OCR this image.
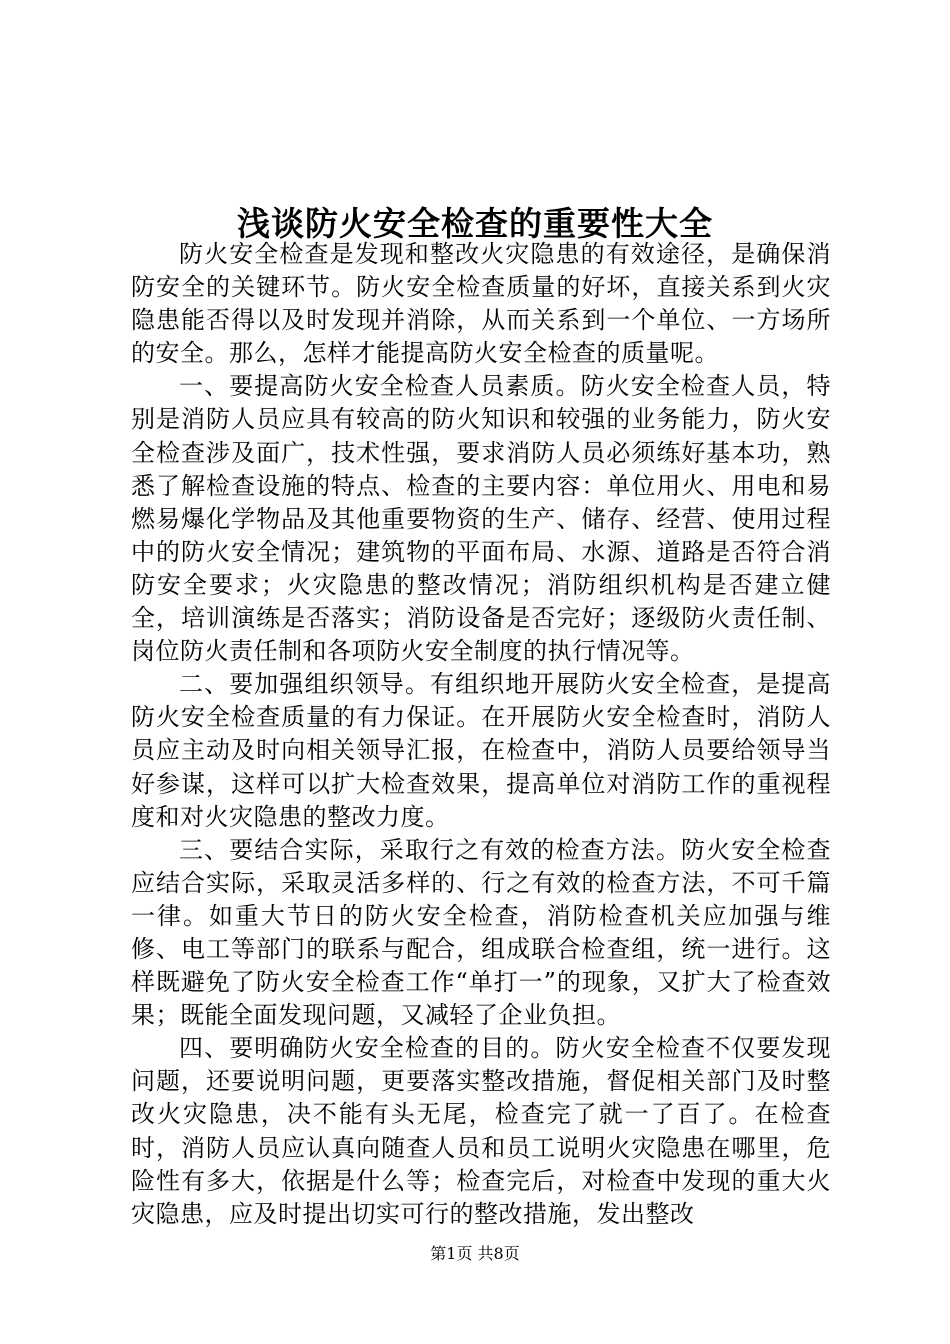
浅谈防火安全检查的重要性大全

防火安全检查是发现和整改火灾隐患的有效途径，是确保消防安全的关键环节。防火安全检查质量的好坏，直接关系到火灾隐患能否得以及时发现并消除，从而关系到一个单位、一方场所的安全。那么，怎样才能提高防火安全检查的质量呢。

一、要提高防火安全检查人员素质。防火安全检查人员，特别是消防人员应具有较高的防火知识和较强的业务能力，防火安全检查涉及面广，技术性强，要求消防人员必须练好基本功，熟悉了解检查设施的特点、检查的主要内容：单位用火、用电和易燃易爆化学物品及其他重要物资的生产、储存、经营、使用过程中的防火安全情况；建筑物的平面布局、水源、道路是否符合消防安全要求；火灾隐患的整改情况；消防组织机构是否建立健全，培训演练是否落实；消防设备是否完好；逐级防火责任制、岗位防火责任制和各项防火安全制度的执行情况等。

二、要加强组织领导。有组织地开展防火安全检查，是提高防火安全检查质量的有力保证。在开展防火安全检查时，消防人员应主动及时向相关领导汇报，在检查中，消防人员要给领导当好参谋，这样可以扩大检查效果，提高单位对消防工作的重视程度和对火灾隐患的整改力度。

三、要结合实际，采取行之有效的检查方法。防火安全检查应结合实际，采取灵活多样的、行之有效的检查方法，不可千篇一律。如重大节日的防火安全检查，消防检查机关应加强与维修、电工等部门的联系与配合，组成联合检查组，统一进行。这样既避免了防火安全检查工作“单打一”的现象，又扩大了检查效果；既能全面发现问题，又减轻了企业负担。

四、要明确防火安全检查的目的。防火安全检查不仅要发现问题，还要说明问题，更要落实整改措施，督促相关部门及时整改火灾隐患，决不能有头无尾，检查完了就一了百了。在检查时，消防人员应认真向随查人员和员工说明火灾隐患在哪里，危险性有多大，依据是什么等；检查完后，对检查中发现的重大火灾隐患，应及时提出切实可行的整改措施，发出整改

第1页 共8页
